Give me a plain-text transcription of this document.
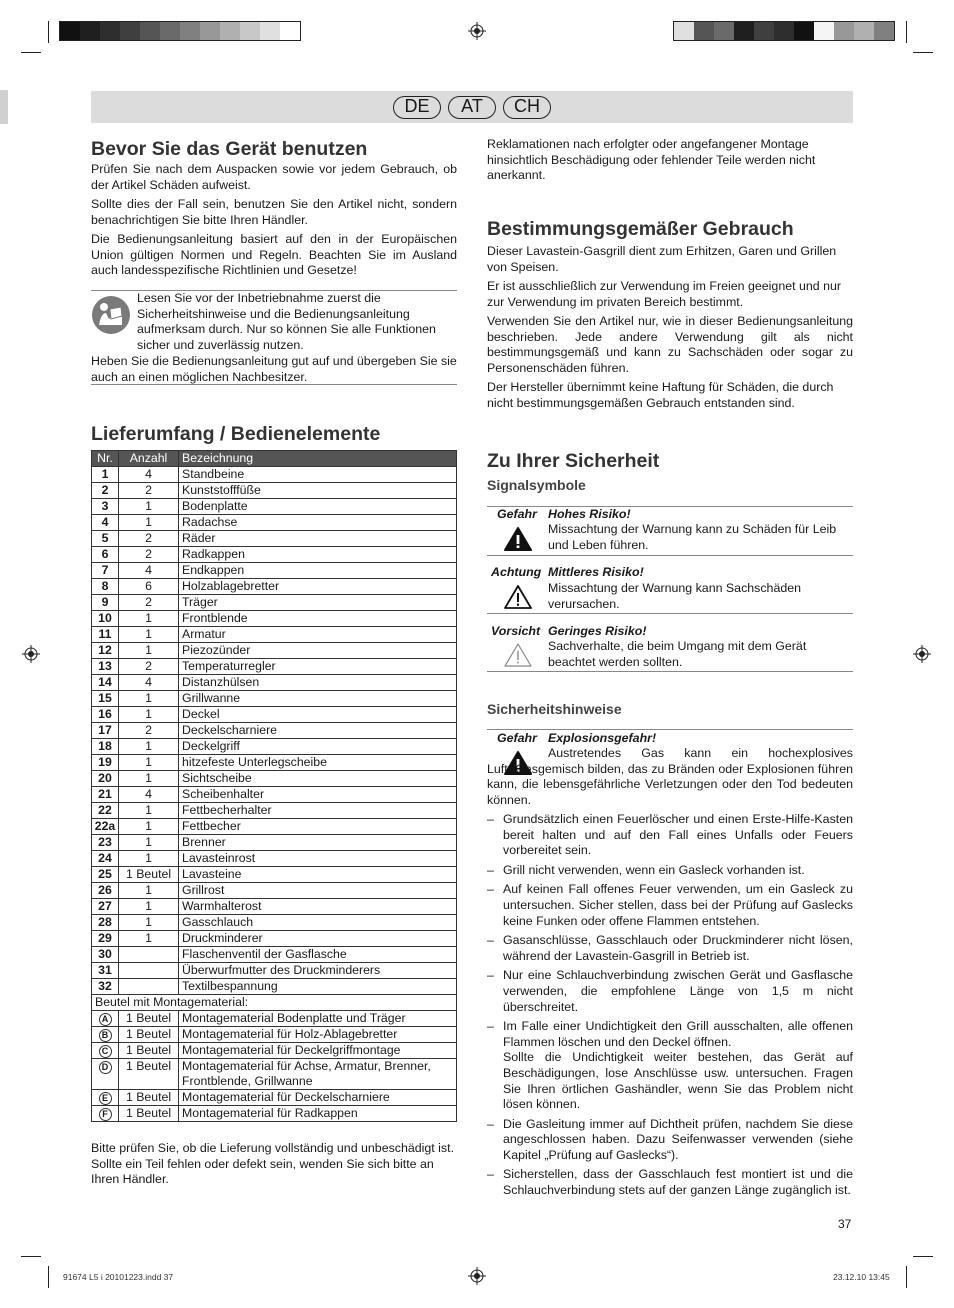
DE	AT	CH
Bevor Sie das Gerät benutzen
Prüfen Sie nach dem Auspacken sowie vor jedem Gebrauch, ob der Artikel Schäden aufweist.
Sollte dies der Fall sein, benutzen Sie den Artikel nicht, sondern benachrichtigen Sie bitte Ihren Händler.
Die Bedienungsanleitung basiert auf den in der Europäischen Union gültigen Normen und Regeln. Beachten Sie im Ausland auch landesspezifische Richtlinien und Gesetze!
Lesen Sie vor der Inbetriebnahme zuerst die Sicherheitshinweise und die Bedienungsanleitung aufmerksam durch. Nur so können Sie alle Funktionen sicher und zuverlässig nutzen.
Heben Sie die Bedienungsanleitung gut auf und übergeben Sie sie auch an einen möglichen Nachbesitzer.
Lieferumfang / Bedienelemente
Nr.	Anzahl	Bezeichnung
1	4	Standbeine
2	2	Kunststofffüße
3	1	Bodenplatte
4	1	Radachse
5	2	Räder
6	2	Radkappen
7	4	Endkappen
8	6	Holzablagebretter
9	2	Träger
10	1	Frontblende
11	1	Armatur
12	1	Piezozünder
13	2	Temperaturregler
14	4	Distanzhülsen
15	1	Grillwanne
16	1	Deckel
17	2	Deckelscharniere
18	1	Deckelgriff
19	1	hitzefeste Unterlegscheibe
20	1	Sichtscheibe
21	4	Scheibenhalter
22	1	Fettbecherhalter
22a	1	Fettbecher
23	1	Brenner
24	1	Lavasteinrost
25	1 Beutel	Lavasteine
26	1	Grillrost
27	1	Warmhalterost
28	1	Gasschlauch
29	1	Druckminderer
30		Flaschenventil der Gasflasche
31		Überwurfmutter des Druckminderers
32		Textilbespannung
Beutel mit Montagematerial:		
A	1 Beutel	Montagematerial Bodenplatte und Träger
B	1 Beutel	Montagematerial für Holz-Ablagebretter
C	1 Beutel	Montagematerial für Deckelgriffmontage
D	1 Beutel	Montagematerial für Achse, Armatur, Brenner, Frontblende, Grillwanne
E	1 Beutel	Montagematerial für Deckelscharniere
F	1 Beutel	Montagematerial für Radkappen
Bitte prüfen Sie, ob die Lieferung vollständig und unbeschädigt ist. Sollte ein Teil fehlen oder defekt sein, wenden Sie sich bitte an Ihren Händler.
Reklamationen nach erfolgter oder angefangener Montage hinsichtlich Beschädigung oder fehlender Teile werden nicht anerkannt.
Bestimmungsgemäßer Gebrauch
Dieser Lavastein-Gasgrill dient zum Erhitzen, Garen und Grillen von Speisen.
Er ist ausschließlich zur Verwendung im Freien geeignet und nur zur Verwendung im privaten Bereich bestimmt.
Verwenden Sie den Artikel nur, wie in dieser Bedienungsanleitung beschrieben. Jede andere Verwendung gilt als nicht bestimmungsgemäß und kann zu Sachschäden oder sogar zu Personenschäden führen.
Der Hersteller übernimmt keine Haftung für Schäden, die durch nicht bestimmungsgemäßen Gebrauch entstanden sind.
Zu Ihrer Sicherheit
Signalsymbole
Gefahr Hohes Risiko!
Missachtung der Warnung kann zu Schäden für Leib und Leben führen.
Achtung Mittleres Risiko!
Missachtung der Warnung kann Sachschäden verursachen.
Vorsicht Geringes Risiko!
Sachverhalte, die beim Umgang mit dem Gerät beachtet werden sollten.
Sicherheitshinweise
Gefahr Explosionsgefahr!
Austretendes Gas kann ein hochexplosives Luft-/Gasgemisch bilden, das zu Bränden oder Explosionen führen kann, die lebensgefährliche Verletzungen oder den Tod bedeuten können.
– Grundsätzlich einen Feuerlöscher und einen Erste-Hilfe-Kasten bereit halten und auf den Fall eines Unfalls oder Feuers vorbereitet sein.
– Grill nicht verwenden, wenn ein Gasleck vorhanden ist.
– Auf keinen Fall offenes Feuer verwenden, um ein Gasleck zu untersuchen. Sicher stellen, dass bei der Prüfung auf Gaslecks keine Funken oder offene Flammen entstehen.
– Gasanschlüsse, Gasschlauch oder Druckminderer nicht lösen, während der Lavastein-Gasgrill in Betrieb ist.
– Nur eine Schlauchverbindung zwischen Gerät und Gasflasche verwenden, die empfohlene Länge von 1,5 m nicht überschreitet.
– Im Falle einer Undichtigkeit den Grill ausschalten, alle offenen Flammen löschen und den Deckel öffnen.
Sollte die Undichtigkeit weiter bestehen, das Gerät auf Beschädigungen, lose Anschlüsse usw. untersuchen. Fragen Sie Ihren örtlichen Gashändler, wenn Sie das Problem nicht lösen können.
– Die Gasleitung immer auf Dichtheit prüfen, nachdem Sie diese angeschlossen haben. Dazu Seifenwasser verwenden (siehe Kapitel „Prüfung auf Gaslecks“).
– Sicherstellen, dass der Gasschlauch fest montiert ist und die Schlauchverbindung stets auf der ganzen Länge zugänglich ist.
37
91674 L5 i 20101223.indd 37	23.12.10 13:45
